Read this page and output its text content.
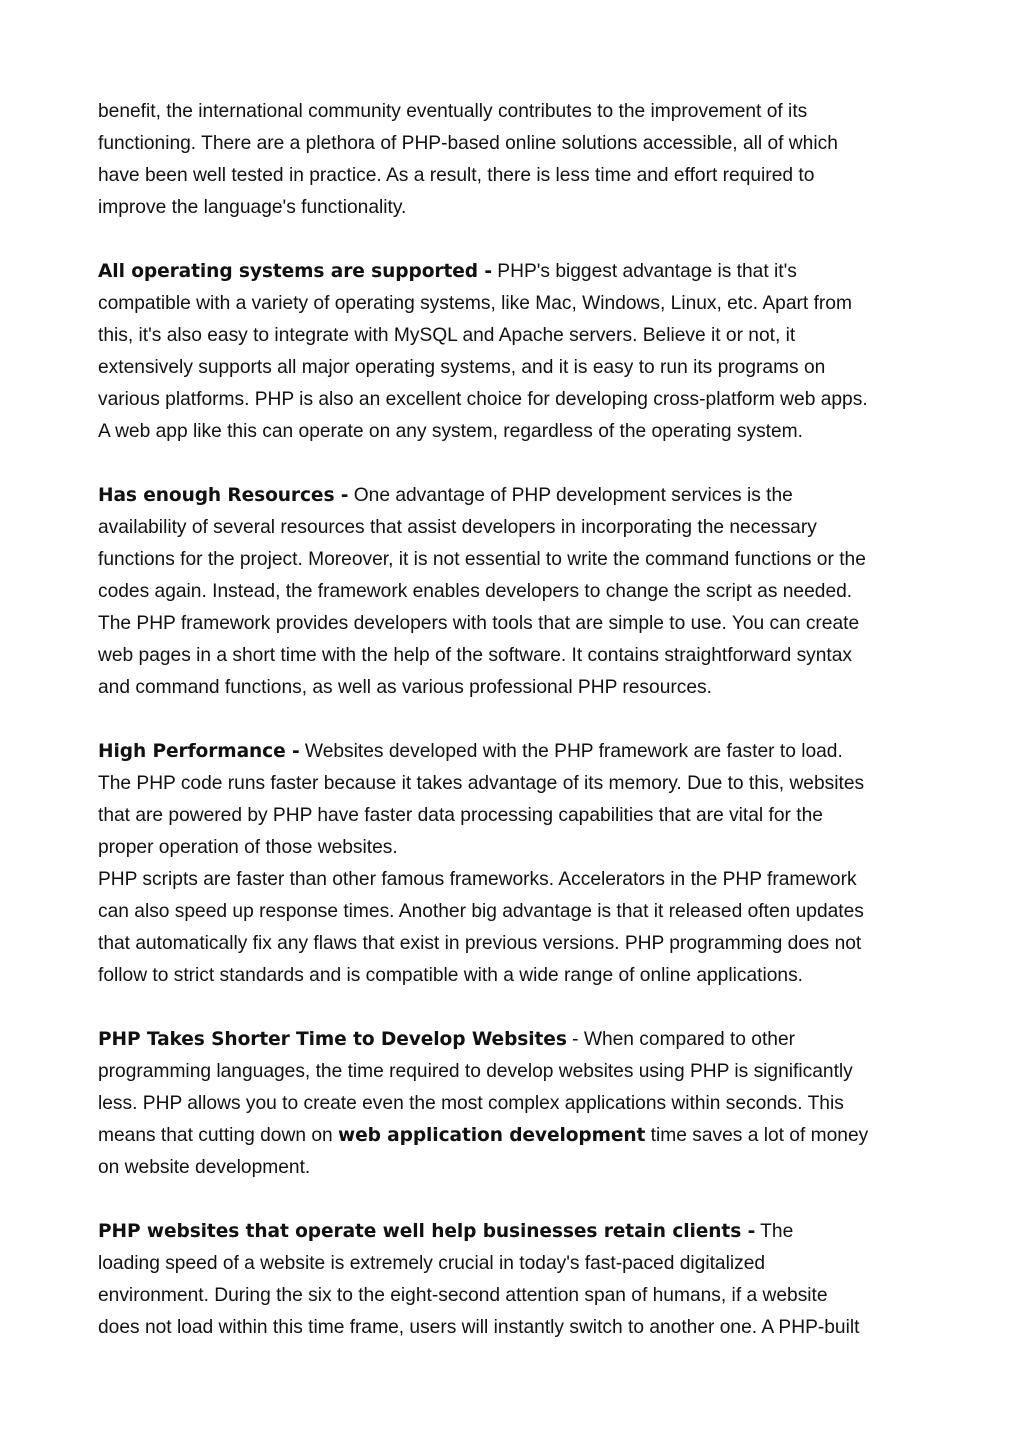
benefit, the international community eventually contributes to the improvement of its
functioning. There are a plethora of PHP-based online solutions accessible, all of which
have been well tested in practice. As a result, there is less time and effort required to
improve the language's functionality.

All operating systems are supported - PHP's biggest advantage is that it's
compatible with a variety of operating systems, like Mac, Windows, Linux, etc. Apart from
this, it's also easy to integrate with MySQL and Apache servers. Believe it or not, it
extensively supports all major operating systems, and it is easy to run its programs on
various platforms. PHP is also an excellent choice for developing cross-platform web apps.
A web app like this can operate on any system, regardless of the operating system.

Has enough Resources - One advantage of PHP development services is the
availability of several resources that assist developers in incorporating the necessary
functions for the project. Moreover, it is not essential to write the command functions or the
codes again. Instead, the framework enables developers to change the script as needed.
The PHP framework provides developers with tools that are simple to use. You can create
web pages in a short time with the help of the software. It contains straightforward syntax
and command functions, as well as various professional PHP resources.

High Performance - Websites developed with the PHP framework are faster to load.
The PHP code runs faster because it takes advantage of its memory. Due to this, websites
that are powered by PHP have faster data processing capabilities that are vital for the
proper operation of those websites.
PHP scripts are faster than other famous frameworks. Accelerators in the PHP framework
can also speed up response times. Another big advantage is that it released often updates
that automatically fix any flaws that exist in previous versions. PHP programming does not
follow to strict standards and is compatible with a wide range of online applications.

PHP Takes Shorter Time to Develop Websites - When compared to other
programming languages, the time required to develop websites using PHP is significantly
less. PHP allows you to create even the most complex applications within seconds. This
means that cutting down on web application development time saves a lot of money
on website development.

PHP websites that operate well help businesses retain clients - The
loading speed of a website is extremely crucial in today's fast-paced digitalized
environment. During the six to the eight-second attention span of humans, if a website
does not load within this time frame, users will instantly switch to another one. A PHP-built
